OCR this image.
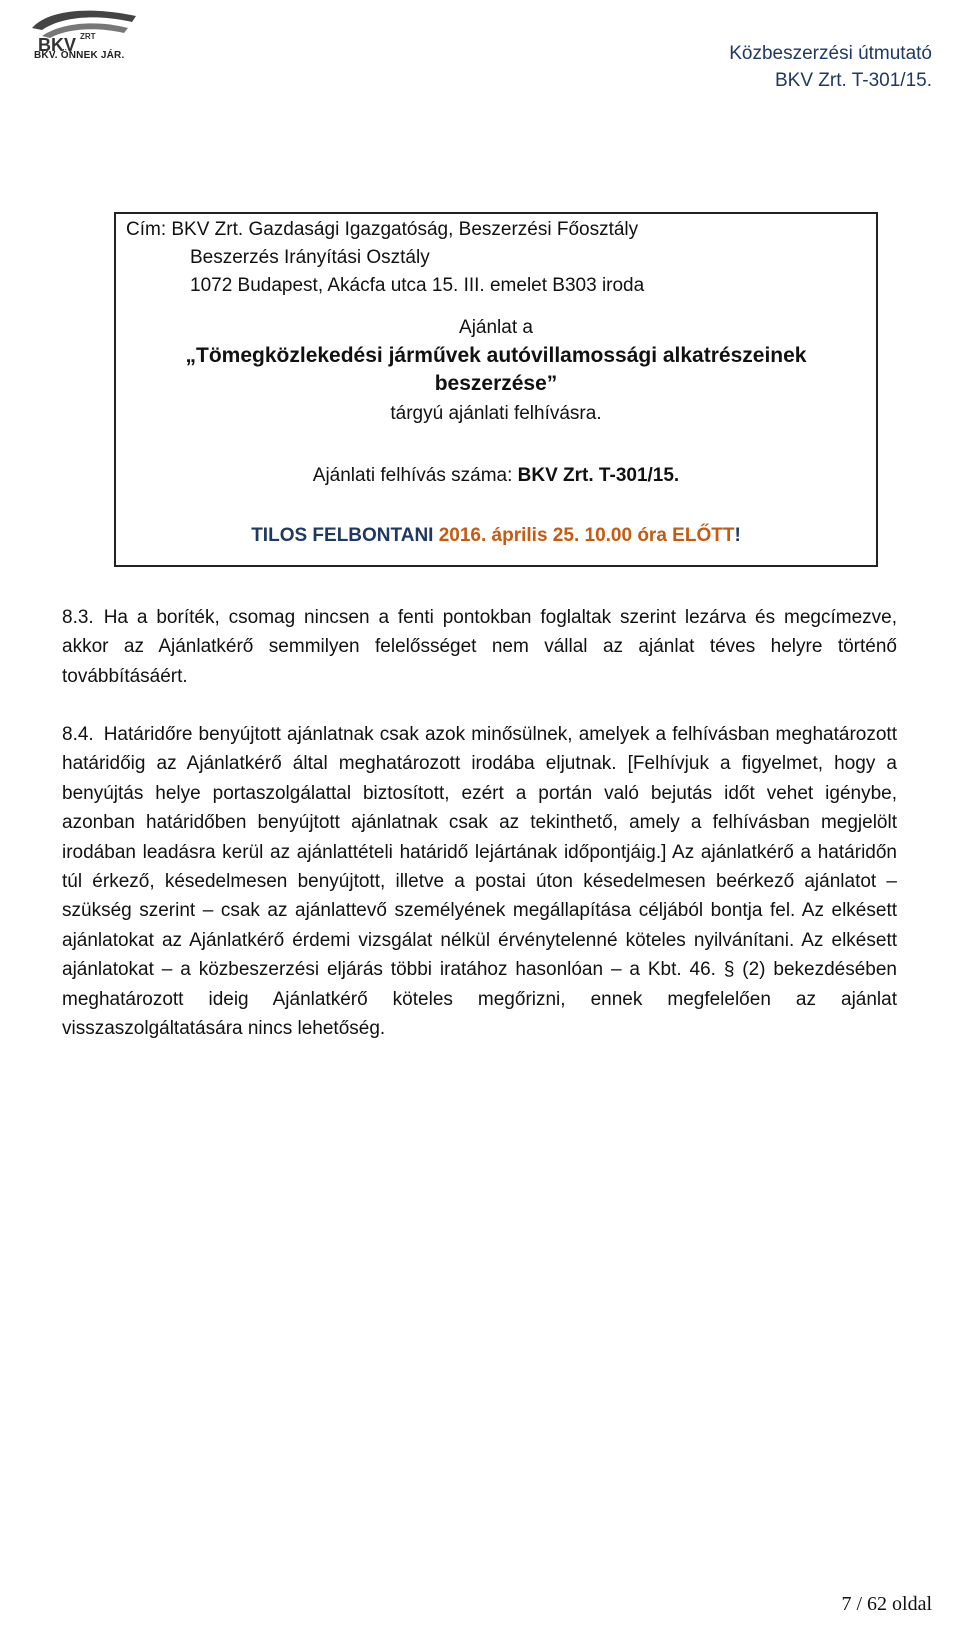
BKV ZRT
BKV. ÖNNEK JÁR.	Közbeszerzési útmutató
BKV Zrt. T-301/15.
Cím: BKV Zrt. Gazdasági Igazgatóság, Beszerzési Főosztály
Beszerzés Irányítási Osztály
1072 Budapest, Akácfa utca 15. III. emelet B303 iroda
Ajánlat a
„Tömegközlekedési járművek autóvillamossági alkatrészeinek
beszerzése”
tárgyú ajánlati felhívásra.
Ajánlati felhívás száma: BKV Zrt. T-301/15.
TILOS FELBONTANI 2016. április 25. 10.00 óra ELŐTT!
8.3. Ha a boríték, csomag nincsen a fenti pontokban foglaltak szerint lezárva és megcímezve, akkor az Ajánlatkérő semmilyen felelősséget nem vállal az ajánlat téves helyre történő továbbításáért.
8.4. Határidőre benyújtott ajánlatnak csak azok minősülnek, amelyek a felhívásban meghatározott határidőig az Ajánlatkérő által meghatározott irodába eljutnak. [Felhívjuk a figyelmet, hogy a benyújtás helye portaszolgálattal biztosított, ezért a portán való bejutás időt vehet igénybe, azonban határidőben benyújtott ajánlatnak csak az tekinthető, amely a felhívásban megjelölt irodában leadásra kerül az ajánlattételi határidő lejártának időpontjáig.] Az ajánlatkérő a határidőn túl érkező, késedelmesen benyújtott, illetve a postai úton késedelmesen beérkező ajánlatot – szükség szerint – csak az ajánlattevő személyének megállapítása céljából bontja fel. Az elkésett ajánlatokat az Ajánlatkérő érdemi vizsgálat nélkül érvénytelenné köteles nyilvánítani. Az elkésett ajánlatokat – a közbeszerzési eljárás többi iratához hasonlóan – a Kbt. 46. § (2) bekezdésében meghatározott ideig Ajánlatkérő köteles megőrizni, ennek megfelelően az ajánlat visszaszolgáltatására nincs lehetőség.
7 / 62 oldal
